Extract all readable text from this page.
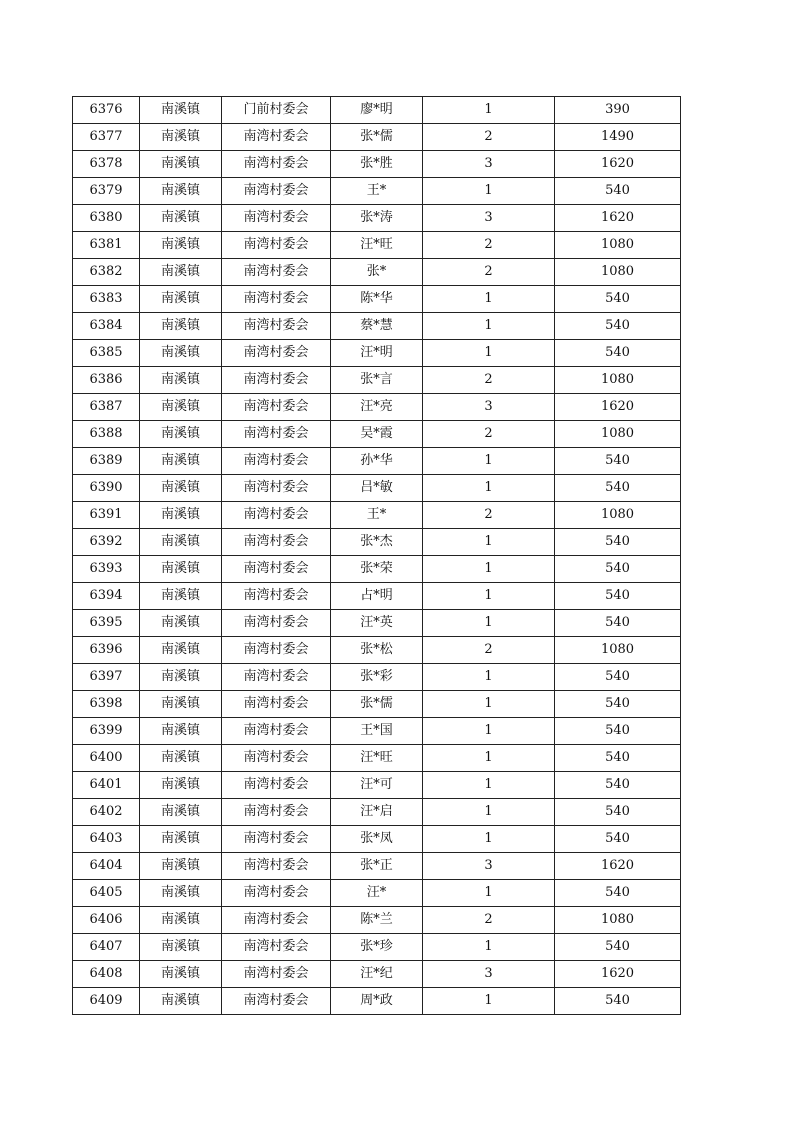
6376	南溪镇	门前村委会	廖*明	1	390
6377	南溪镇	南湾村委会	张*儒	2	1490
6378	南溪镇	南湾村委会	张*胜	3	1620
6379	南溪镇	南湾村委会	王*	1	540
6380	南溪镇	南湾村委会	张*涛	3	1620
6381	南溪镇	南湾村委会	汪*旺	2	1080
6382	南溪镇	南湾村委会	张*	2	1080
6383	南溪镇	南湾村委会	陈*华	1	540
6384	南溪镇	南湾村委会	蔡*慧	1	540
6385	南溪镇	南湾村委会	汪*明	1	540
6386	南溪镇	南湾村委会	张*言	2	1080
6387	南溪镇	南湾村委会	汪*亮	3	1620
6388	南溪镇	南湾村委会	吴*霞	2	1080
6389	南溪镇	南湾村委会	孙*华	1	540
6390	南溪镇	南湾村委会	吕*敏	1	540
6391	南溪镇	南湾村委会	王*	2	1080
6392	南溪镇	南湾村委会	张*杰	1	540
6393	南溪镇	南湾村委会	张*荣	1	540
6394	南溪镇	南湾村委会	占*明	1	540
6395	南溪镇	南湾村委会	汪*英	1	540
6396	南溪镇	南湾村委会	张*松	2	1080
6397	南溪镇	南湾村委会	张*彩	1	540
6398	南溪镇	南湾村委会	张*儒	1	540
6399	南溪镇	南湾村委会	王*国	1	540
6400	南溪镇	南湾村委会	汪*旺	1	540
6401	南溪镇	南湾村委会	汪*可	1	540
6402	南溪镇	南湾村委会	汪*启	1	540
6403	南溪镇	南湾村委会	张*凤	1	540
6404	南溪镇	南湾村委会	张*正	3	1620
6405	南溪镇	南湾村委会	汪*	1	540
6406	南溪镇	南湾村委会	陈*兰	2	1080
6407	南溪镇	南湾村委会	张*珍	1	540
6408	南溪镇	南湾村委会	汪*纪	3	1620
6409	南溪镇	南湾村委会	周*政	1	540
